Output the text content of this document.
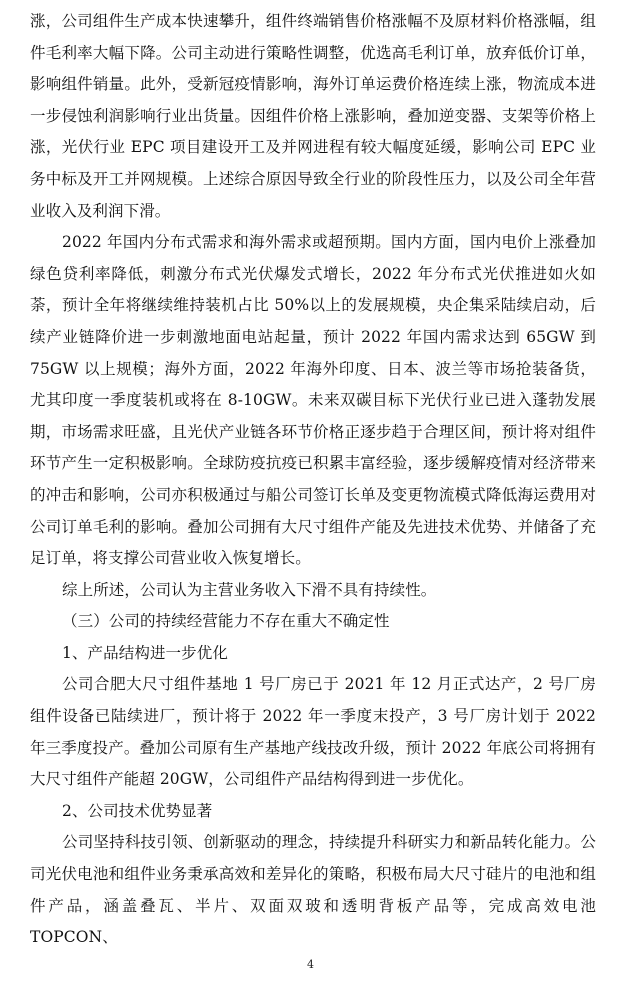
涨，公司组件生产成本快速攀升，组件终端销售价格涨幅不及原材料价格涨幅，组件毛利率大幅下降。公司主动进行策略性调整，优选高毛利订单，放弃低价订单，影响组件销量。此外，受新冠疫情影响，海外订单运费价格连续上涨，物流成本进一步侵蚀利润影响行业出货量。因组件价格上涨影响，叠加逆变器、支架等价格上涨，光伏行业 EPC 项目建设开工及并网进程有较大幅度延缓，影响公司 EPC 业务中标及开工并网规模。上述综合原因导致全行业的阶段性压力，以及公司全年营业收入及利润下滑。

2022 年国内分布式需求和海外需求或超预期。国内方面，国内电价上涨叠加绿色贷利率降低，刺激分布式光伏爆发式增长，2022 年分布式光伏推进如火如荼，预计全年将继续维持装机占比 50%以上的发展规模，央企集采陆续启动，后续产业链降价进一步刺激地面电站起量，预计 2022 年国内需求达到 65GW 到 75GW 以上规模；海外方面，2022 年海外印度、日本、波兰等市场抢装备货，尤其印度一季度装机或将在 8-10GW。未来双碳目标下光伏行业已进入蓬勃发展期，市场需求旺盛，且光伏产业链各环节价格正逐步趋于合理区间，预计将对组件环节产生一定积极影响。全球防疫抗疫已积累丰富经验，逐步缓解疫情对经济带来的冲击和影响，公司亦积极通过与船公司签订长单及变更物流模式降低海运费用对公司订单毛利的影响。叠加公司拥有大尺寸组件产能及先进技术优势、并储备了充足订单，将支撑公司营业收入恢复增长。

综上所述，公司认为主营业务收入下滑不具有持续性。

（三）公司的持续经营能力不存在重大不确定性

1、产品结构进一步优化

公司合肥大尺寸组件基地 1 号厂房已于 2021 年 12 月正式达产，2 号厂房组件设备已陆续进厂，预计将于 2022 年一季度末投产，3 号厂房计划于 2022 年三季度投产。叠加公司原有生产基地产线技改升级，预计 2022 年底公司将拥有大尺寸组件产能超 20GW，公司组件产品结构得到进一步优化。

2、公司技术优势显著

公司坚持科技引领、创新驱动的理念，持续提升科研实力和新品转化能力。公司光伏电池和组件业务秉承高效和差异化的策略，积极布局大尺寸硅片的电池和组件产品，涵盖叠瓦、半片、双面双玻和透明背板产品等，完成高效电池 TOPCON、

4
